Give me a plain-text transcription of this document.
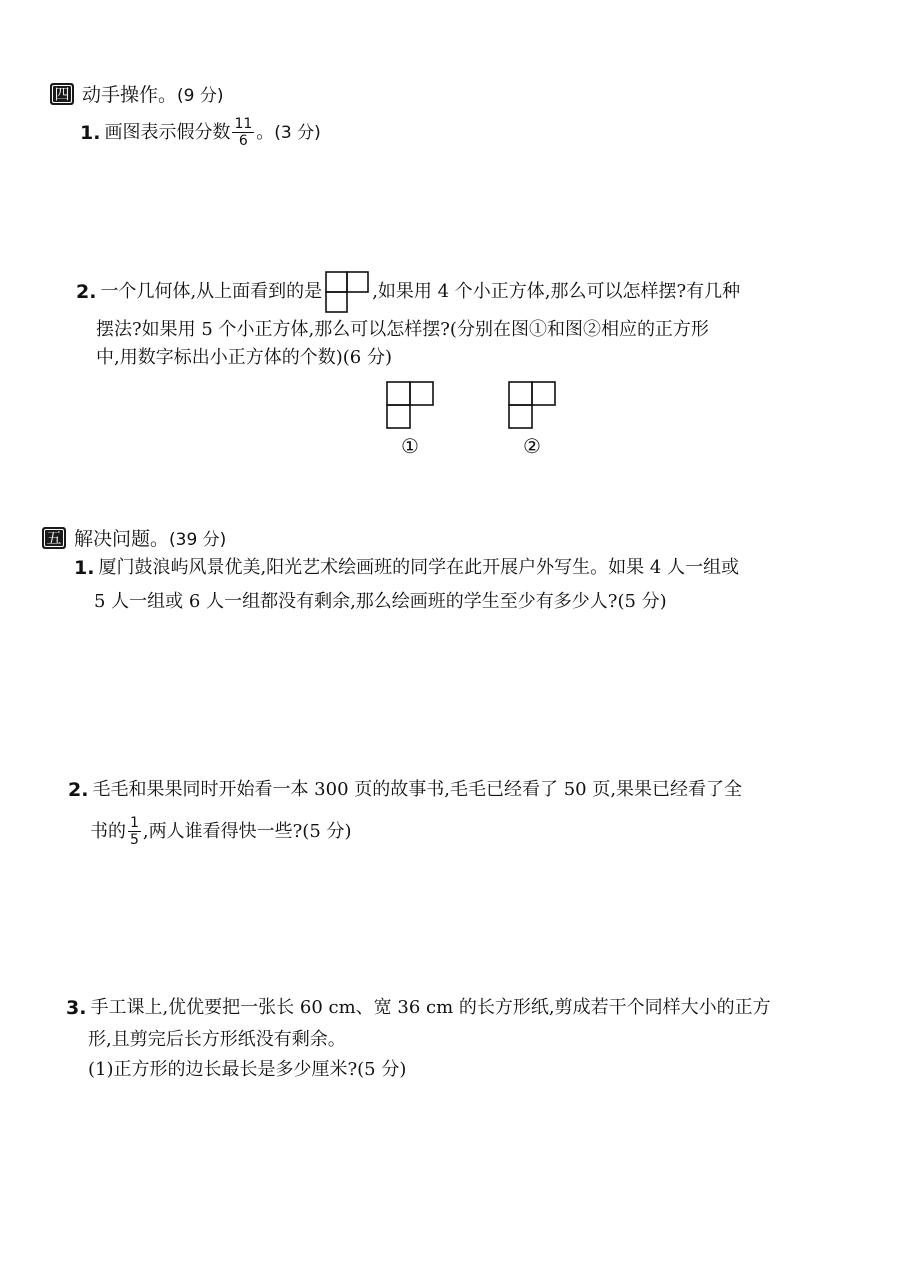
四 动手操作。 (9 分)
1. 画图表示假分数 $\frac{11}{6}$ 。 (3 分)
2. 一个几何体,从上面看到的是	,如果用 4 个小正方体,那么可以怎样摆?有几种
摆法?如果用 5 个小正方体,那么可以怎样摆?(分别在图①和图②相应的正方形
中,用数字标出小正方体的个数)(6 分)
①	②
五 解决问题。 (39 分)
1. 厦门鼓浪屿风景优美,阳光艺术绘画班的同学在此开展户外写生。如果 4 人一组或
5 人一组或 6 人一组都没有剩余,那么绘画班的学生至少有多少人?(5 分)
2. 毛毛和果果同时开始看一本 300 页的故事书,毛毛已经看了 50 页,果果已经看了全
书的 $\frac{1}{5}$ ,两人谁看得快一些?(5 分)
3. 手工课上,优优要把一张长 60 cm、宽 36 cm 的长方形纸,剪成若干个同样大小的正方
形,且剪完后长方形纸没有剩余。
(1)正方形的边长最长是多少厘米?(5 分)
